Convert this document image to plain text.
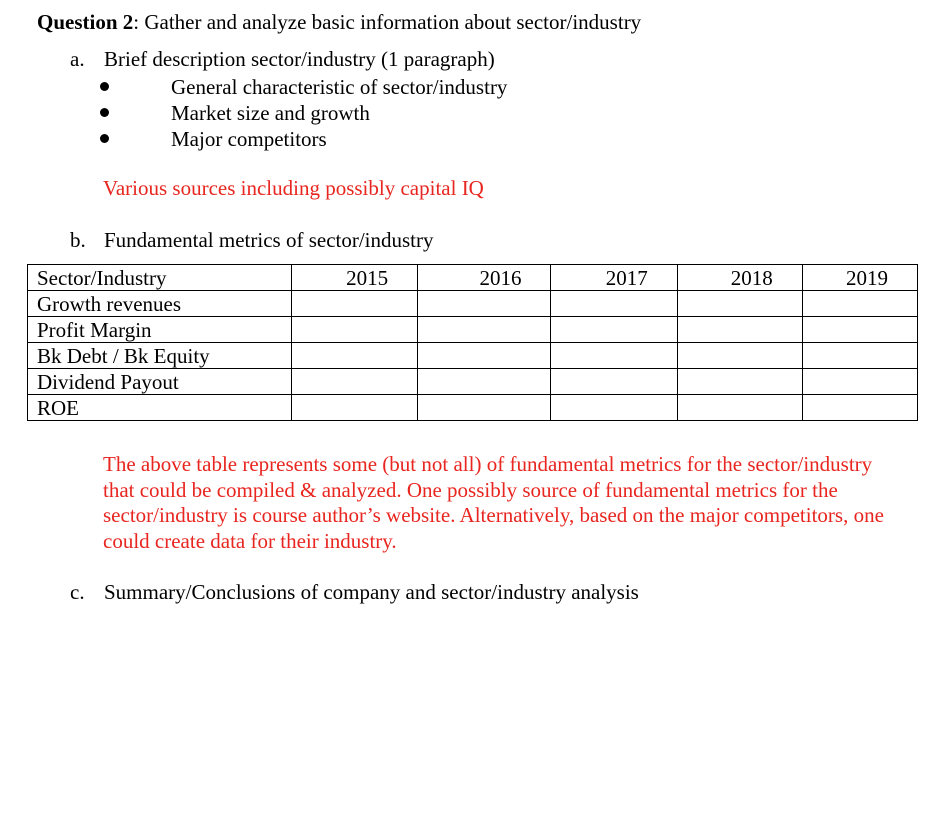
Question 2: Gather and analyze basic information about sector/industry
a. Brief description sector/industry (1 paragraph)
General characteristic of sector/industry
Market size and growth
Major competitors
Various sources including possibly capital IQ
b. Fundamental metrics of sector/industry
Sector/Industry	2015	2016	2017	2018	2019
Growth revenues					
Profit Margin					
Bk Debt / Bk Equity					
Dividend Payout					
ROE					
The above table represents some (but not all) of fundamental metrics for the sector/industry that could be compiled & analyzed. One possibly source of fundamental metrics for the sector/industry is course author’s website. Alternatively, based on the major competitors, one could create data for their industry.
c. Summary/Conclusions of company and sector/industry analysis
